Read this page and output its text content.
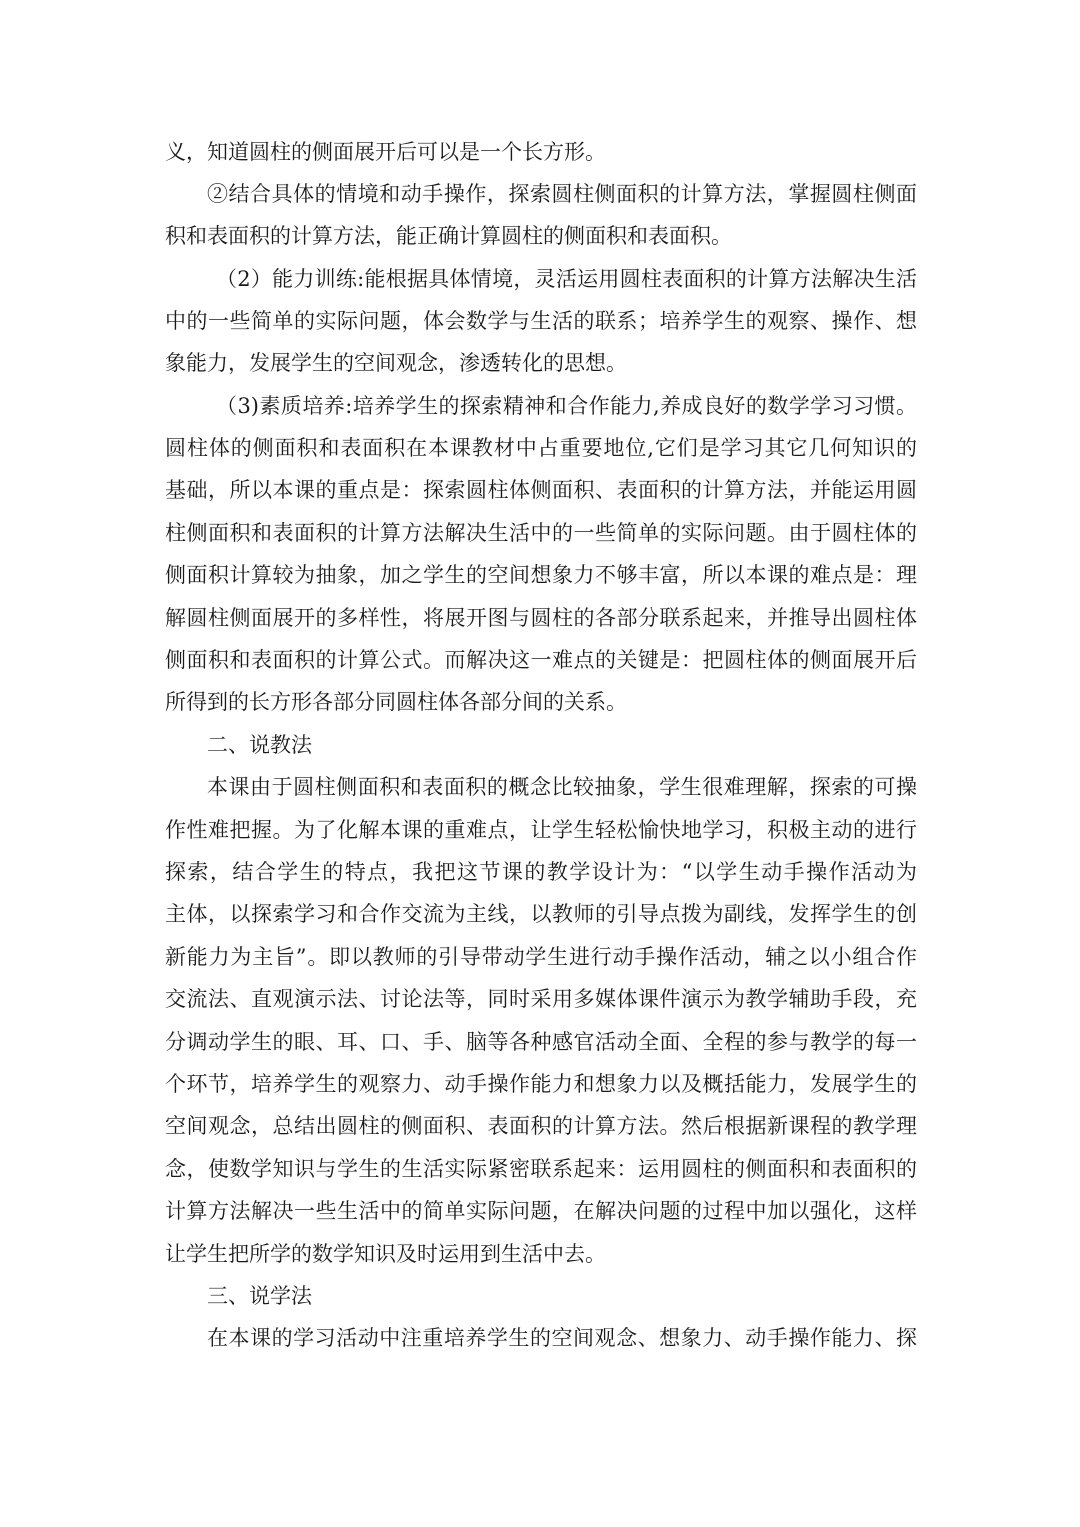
义，知道圆柱的侧面展开后可以是一个长方形。
②结合具体的情境和动手操作，探索圆柱侧面积的计算方法，掌握圆柱侧面
积和表面积的计算方法，能正确计算圆柱的侧面积和表面积。
（2）能力训练:能根据具体情境，灵活运用圆柱表面积的计算方法解决生活
中的一些简单的实际问题，体会数学与生活的联系；培养学生的观察、操作、想
象能力，发展学生的空间观念，渗透转化的思想。
（3)素质培养:培养学生的探索精神和合作能力,养成良好的数学学习习惯。
圆柱体的侧面积和表面积在本课教材中占重要地位,它们是学习其它几何知识的
基础，所以本课的重点是：探索圆柱体侧面积、表面积的计算方法，并能运用圆
柱侧面积和表面积的计算方法解决生活中的一些简单的实际问题。由于圆柱体的
侧面积计算较为抽象，加之学生的空间想象力不够丰富，所以本课的难点是：理
解圆柱侧面展开的多样性，将展开图与圆柱的各部分联系起来，并推导出圆柱体
侧面积和表面积的计算公式。而解决这一难点的关键是：把圆柱体的侧面展开后
所得到的长方形各部分同圆柱体各部分间的关系。
二、说教法
本课由于圆柱侧面积和表面积的概念比较抽象，学生很难理解，探索的可操
作性难把握。为了化解本课的重难点，让学生轻松愉快地学习，积极主动的进行
探索，结合学生的特点，我把这节课的教学设计为：“以学生动手操作活动为
主体，以探索学习和合作交流为主线，以教师的引导点拨为副线，发挥学生的创
新能力为主旨”。即以教师的引导带动学生进行动手操作活动，辅之以小组合作
交流法、直观演示法、讨论法等，同时采用多媒体课件演示为教学辅助手段，充
分调动学生的眼、耳、口、手、脑等各种感官活动全面、全程的参与教学的每一
个环节，培养学生的观察力、动手操作能力和想象力以及概括能力，发展学生的
空间观念，总结出圆柱的侧面积、表面积的计算方法。然后根据新课程的教学理
念，使数学知识与学生的生活实际紧密联系起来：运用圆柱的侧面积和表面积的
计算方法解决一些生活中的简单实际问题，在解决问题的过程中加以强化，这样
让学生把所学的数学知识及时运用到生活中去。
三、说学法
在本课的学习活动中注重培养学生的空间观念、想象力、动手操作能力、探
